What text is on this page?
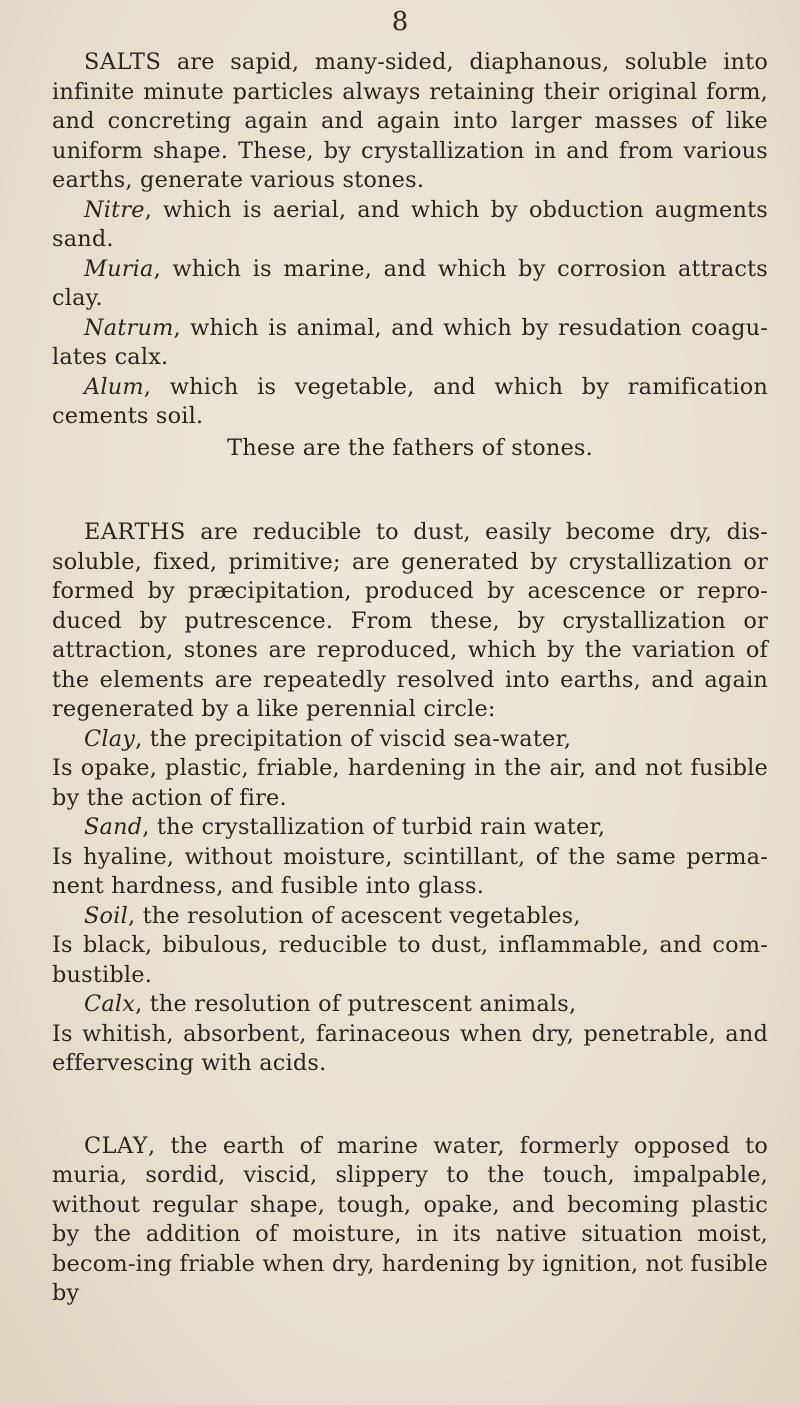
8

SALTS are sapid, many-sided, diaphanous, soluble into infinite minute particles always retaining their original form, and concreting again and again into larger masses of like uniform shape. These, by crystallization in and from various earths, generate various stones.

Nitre, which is aerial, and which by obduction augments sand.

Muria, which is marine, and which by corrosion attracts clay.

Natrum, which is animal, and which by resudation coagu-lates calx.

Alum, which is vegetable, and which by ramification cements soil.

These are the fathers of stones.

EARTHS are reducible to dust, easily become dry, dis-soluble, fixed, primitive; are generated by crystallization or formed by præcipitation, produced by acescence or repro-duced by putrescence. From these, by crystallization or attraction, stones are reproduced, which by the variation of the elements are repeatedly resolved into earths, and again regenerated by a like perennial circle:

Clay, the precipitation of viscid sea-water,

Is opake, plastic, friable, hardening in the air, and not fusible by the action of fire.

Sand, the crystallization of turbid rain water,

Is hyaline, without moisture, scintillant, of the same perma-nent hardness, and fusible into glass.

Soil, the resolution of acescent vegetables,

Is black, bibulous, reducible to dust, inflammable, and com-bustible.

Calx, the resolution of putrescent animals,

Is whitish, absorbent, farinaceous when dry, penetrable, and effervescing with acids.

CLAY, the earth of marine water, formerly opposed to muria, sordid, viscid, slippery to the touch, impalpable, without regular shape, tough, opake, and becoming plastic by the addition of moisture, in its native situation moist, becom-ing friable when dry, hardening by ignition, not fusible by
